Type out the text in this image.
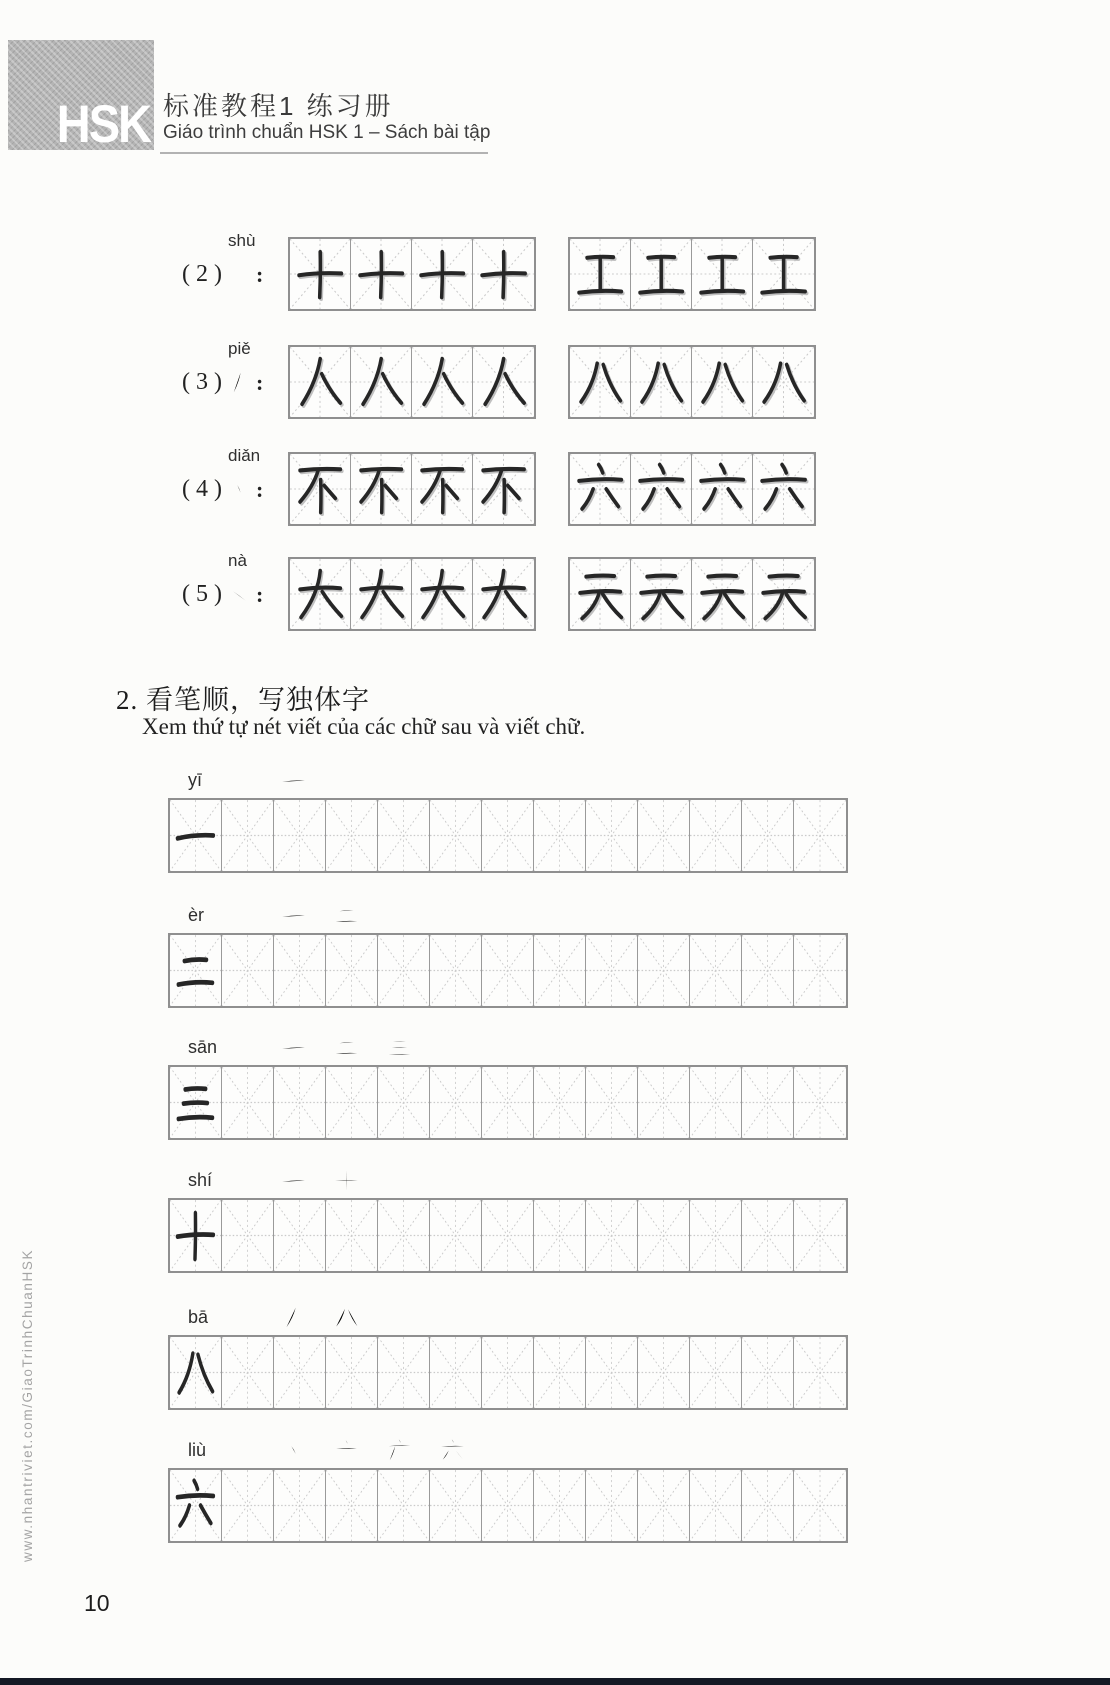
HSK 标准教程1 练习册
Giáo trình chuẩn HSK 1 – Sách bài tập
shù
( 2 ) :
piě
( 3 ) :
diǎn
( 4 ) :
nà
( 5 ) :
2. 看笔顺，写独体字
Xem thứ tự nét viết của các chữ sau và viết chữ.
yī
èr
sān
shí
bā
liù
www.nhantriviet.com/GiaoTrinhChuanHSK
10
